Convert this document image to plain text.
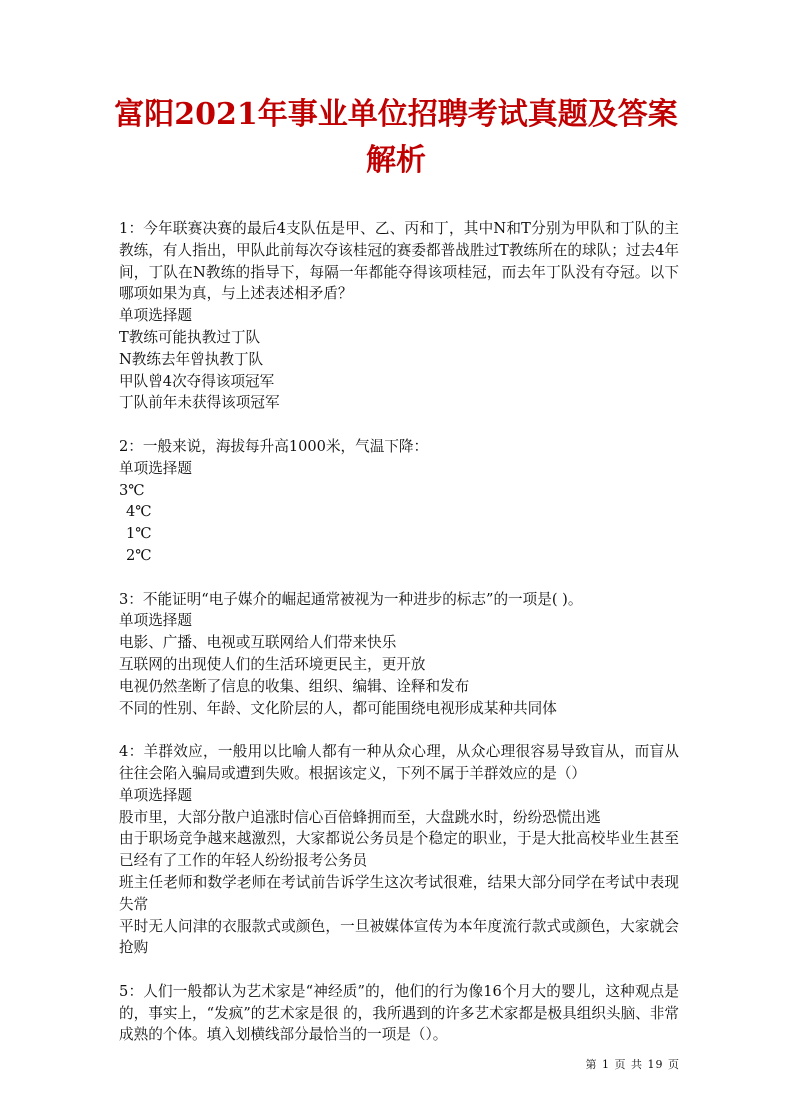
富阳2021年事业单位招聘考试真题及答案
解析

1：今年联赛决赛的最后4支队伍是甲、乙、丙和丁，其中N和T分别为甲队和丁队的主教练，有人指出，甲队此前每次夺该桂冠的赛委都普战胜过T教练所在的球队；过去4年间，丁队在N教练的指导下，每隔一年都能夺得该项桂冠，而去年丁队没有夺冠。以下哪项如果为真，与上述表述相矛盾？

单项选择题

T教练可能执教过丁队

N教练去年曾执教丁队

甲队曾4次夺得该项冠军

丁队前年未获得该项冠军

2：一般来说，海拔每升高1000米，气温下降：

单项选择题

3℃

4℃

1℃

2℃

3：不能证明“电子媒介的崛起通常被视为一种进步的标志”的一项是( )。

单项选择题

电影、广播、电视或互联网给人们带来快乐

互联网的出现使人们的生活环境更民主，更开放

电视仍然垄断了信息的收集、组织、编辑、诠释和发布

不同的性别、年龄、文化阶层的人，都可能围绕电视形成某种共同体

4：羊群效应，一般用以比喻人都有一种从众心理，从众心理很容易导致盲从，而盲从往往会陷入骗局或遭到失败。根据该定义，下列不属于羊群效应的是（）

单项选择题

股市里，大部分散户追涨时信心百倍蜂拥而至，大盘跳水时，纷纷恐慌出逃

由于职场竞争越来越激烈，大家都说公务员是个稳定的职业，于是大批高校毕业生甚至已经有了工作的年轻人纷纷报考公务员

班主任老师和数学老师在考试前告诉学生这次考试很难，结果大部分同学在考试中表现失常

平时无人问津的衣服款式或颜色，一旦被媒体宣传为本年度流行款式或颜色，大家就会抢购

5：人们一般都认为艺术家是“神经质”的，他们的行为像16个月大的婴儿，这种观点是 的，事实上，“发疯”的艺术家是很 的，我所遇到的许多艺术家都是极具组织头脑、非常成熟的个体。填入划横线部分最恰当的一项是（）。

第 1 页 共 19 页
